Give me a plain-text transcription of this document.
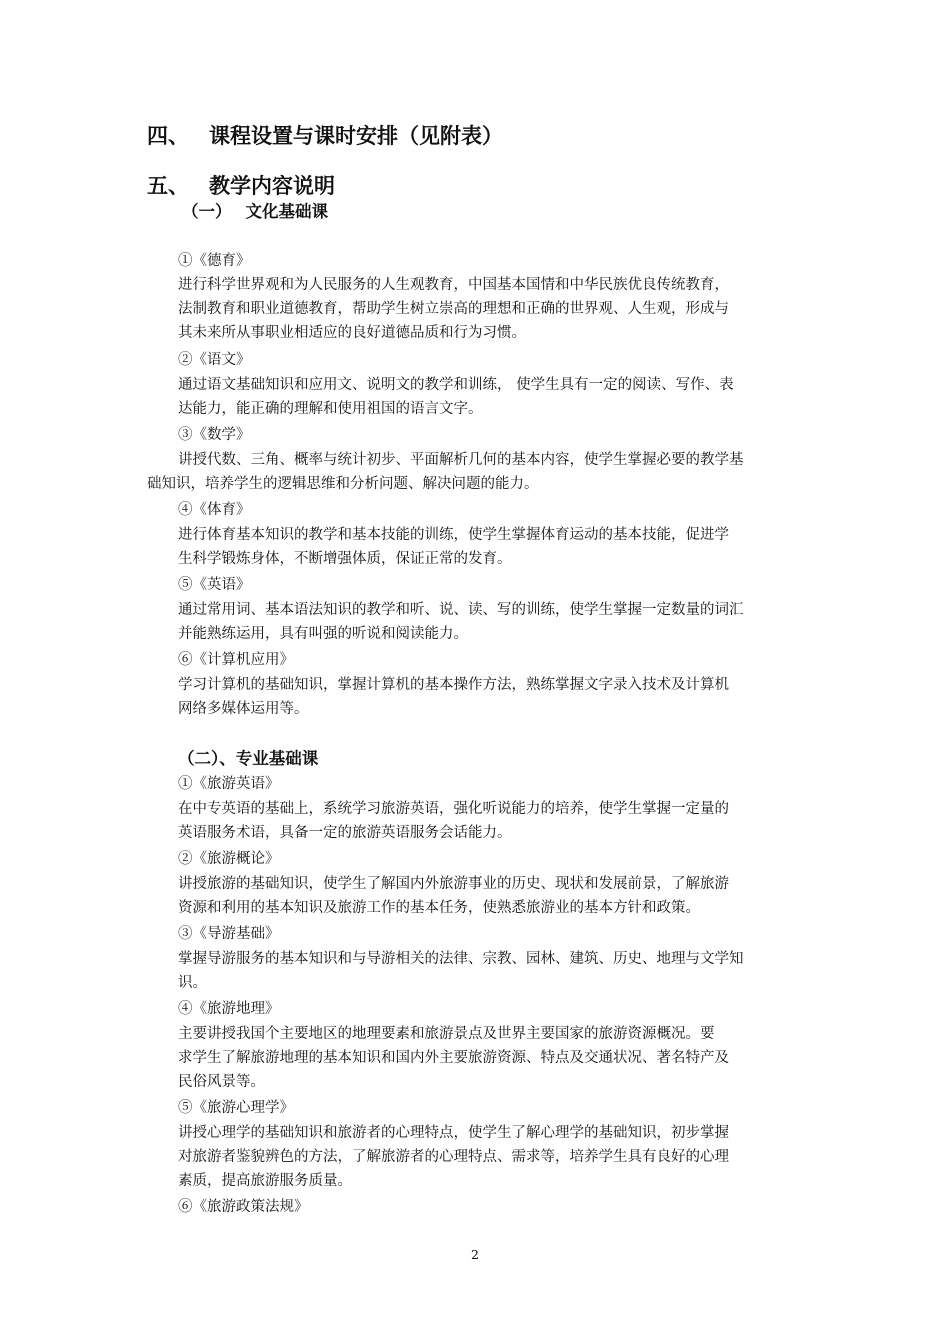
四、 课程设置与课时安排（见附表）
五、 教学内容说明
（一） 文化基础课
①《德育》
进行科学世界观和为人民服务的人生观教育，中国基本国情和中华民族优良传统教育，
法制教育和职业道德教育，帮助学生树立崇高的理想和正确的世界观、人生观，形成与
其未来所从事职业相适应的良好道德品质和行为习惯。
②《语文》
通过语文基础知识和应用文、说明文的教学和训练， 使学生具有一定的阅读、写作、表
达能力，能正确的理解和使用祖国的语言文字。
③《数学》
讲授代数、三角、概率与统计初步、平面解析几何的基本内容，使学生掌握必要的教学基
础知识，培养学生的逻辑思维和分析问题、解决问题的能力。
④《体育》
进行体育基本知识的教学和基本技能的训练，使学生掌握体育运动的基本技能，促进学
生科学锻炼身体，不断增强体质，保证正常的发育。
⑤《英语》
通过常用词、基本语法知识的教学和听、说、读、写的训练，使学生掌握一定数量的词汇
并能熟练运用，具有叫强的听说和阅读能力。
⑥《计算机应用》
学习计算机的基础知识，掌握计算机的基本操作方法，熟练掌握文字录入技术及计算机
网络多媒体运用等。
（二）、专业基础课
①《旅游英语》
在中专英语的基础上，系统学习旅游英语，强化听说能力的培养，使学生掌握一定量的
英语服务术语，具备一定的旅游英语服务会话能力。
②《旅游概论》
讲授旅游的基础知识，使学生了解国内外旅游事业的历史、现状和发展前景，了解旅游
资源和利用的基本知识及旅游工作的基本任务，使熟悉旅游业的基本方针和政策。
③《导游基础》
掌握导游服务的基本知识和与导游相关的法律、宗教、园林、建筑、历史、地理与文学知
识。
④《旅游地理》
主要讲授我国个主要地区的地理要素和旅游景点及世界主要国家的旅游资源概况。要
求学生了解旅游地理的基本知识和国内外主要旅游资源、特点及交通状况、著名特产及
民俗风景等。
⑤《旅游心理学》
讲授心理学的基础知识和旅游者的心理特点，使学生了解心理学的基础知识，初步掌握
对旅游者鉴貌辨色的方法，了解旅游者的心理特点、需求等，培养学生具有良好的心理
素质，提高旅游服务质量。
⑥《旅游政策法规》
2
